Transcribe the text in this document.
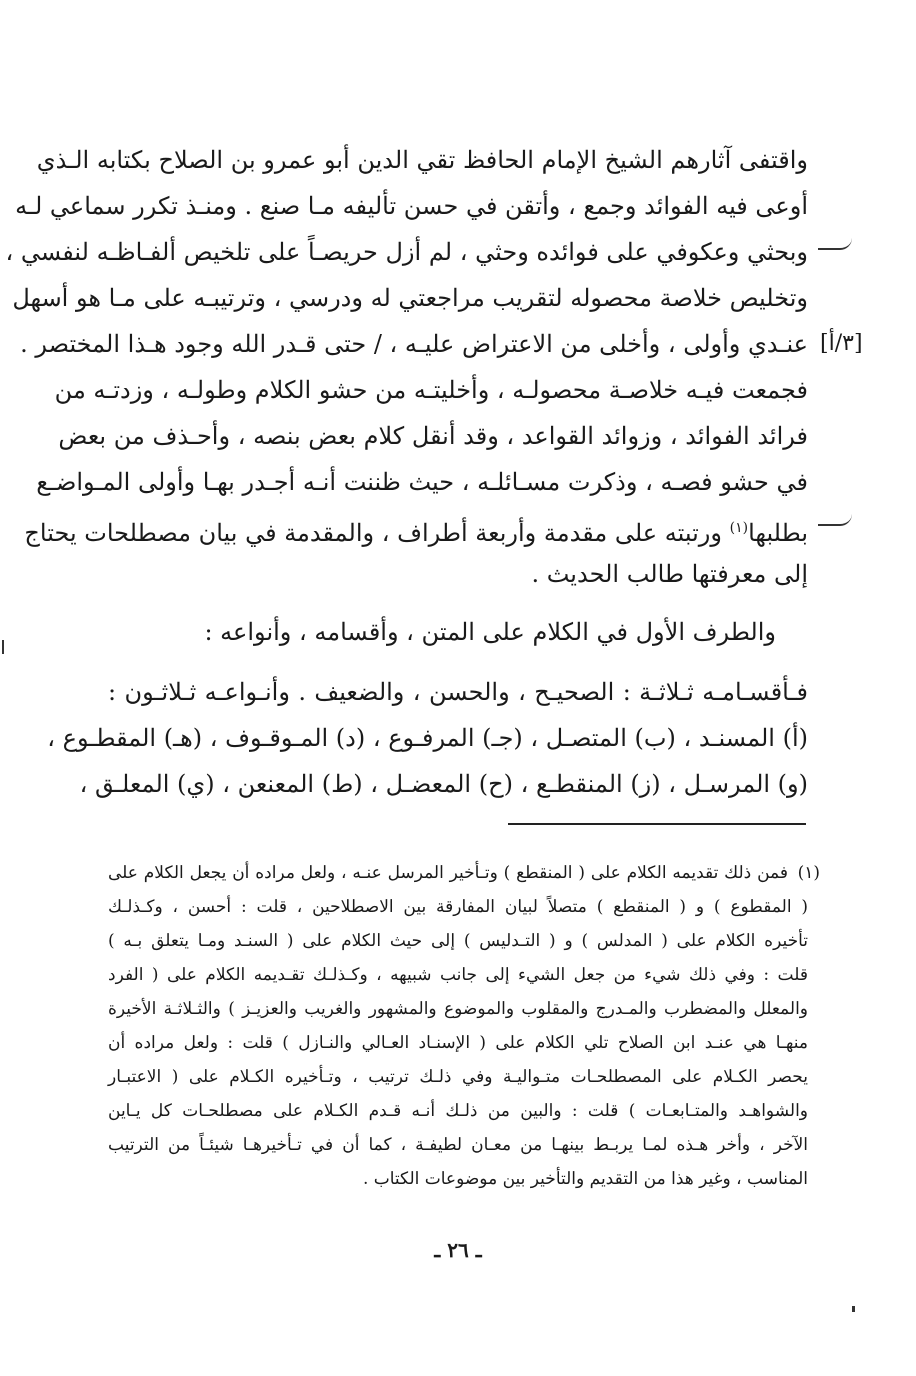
واقتفى آثارهم الشيخ الإمام الحافظ تقي الدين أبو عمرو بن الصلاح بكتابه الـذي
أوعى فيه الفوائد وجمع ، وأتقن في حسن تأليفه مـا صنع . ومنـذ تكرر سماعي لـه
وبحثي وعكوفي على فوائده وحثي ، لم أزل حريصـاً على تلخيص ألفـاظـه لنفسي ،
وتخليص خلاصة محصوله لتقريب مراجعتي له ودرسي ، وترتيبـه على مـا هو أسهل
عنـدي وأولى ، وأخلى من الاعتراض عليـه ، / حتى قـدر الله وجود هـذا المختصر . [٣/أ]
فجمعت فيـه خلاصـة محصولـه ، وأخليتـه من حشو الكلام وطولـه ، وزدتـه من
فرائد الفوائد ، وزوائد القواعد ، وقد أنقل كلام بعض بنصه ، وأحـذف من بعض
في حشو فصـه ، وذكرت مسـائلـه ، حيث ظننت أنـه أجـدر بهـا وأولى المـواضـع
بطلبها$^{(١)}$ ورتبته على مقدمة وأربعة أطراف ، والمقدمة في بيان مصطلحات يحتاج
إلى معرفتها طالب الحديث .
والطرف الأول في الكلام على المتن ، وأقسامه ، وأنواعه :
فـأقسـامـه ثـلاثـة : الصحيـح ، والحسن ، والضعيف . وأنـواعـه ثـلاثـون :
(أ) المسنـد ، (ب) المتصـل ، (جـ) المرفـوع ، (د) المـوقـوف ، (هـ) المقطـوع ،
(و) المرسـل ، (ز) المنقطـع ، (ح) المعضـل ، (ط) المعنعن ، (ي) المعلـق ،
(١)
فمن ذلك تقديمه الكلام على ( المنقطع ) وتـأخير المرسل عنـه ، ولعل مراده أن يجعل الكلام على
( المقطوع ) و ( المنقطع ) متصلاً لبيان المفارقة بين الاصطلاحين ، قلت : أحسن ، وكـذلـك
تأخيره الكلام على ( المدلس ) و ( التـدليس ) إلى حيث الكلام على ( السنـد ومـا يتعلق بـه )
قلت : وفي ذلك شيء من جعل الشيء إلى جانب شبيهه ، وكـذلـك تقـديمه الكلام على ( الفرد
والمعلل والمضطرب والمـدرج والمقلوب والموضوع والمشهور والغريب والعزيـز ) والثـلاثـة الأخيرة
منهـا هي عنـد ابن الصلاح تلي الكلام على ( الإسنـاد العـالي والنـازل ) قلت : ولعل مراده أن
يحصر الكـلام على المصطلحـات متـواليـة وفي ذلـك ترتيب ، وتـأخيره الكـلام على ( الاعتبـار
والشواهـد والمتـابعـات ) قلت : والبين من ذلـك أنـه قـدم الكـلام على مصطلحـات كل يـاين
الآخر ، وأخر هـذه لمـا يربـط بينهـا من معـان لطيفـة ، كما أن في تـأخيرهـا شيئـاً من الترتيب
المناسب ، وغير هذا من التقديم والتأخير بين موضوعات الكتاب .
ـ ٢٦ ـ
